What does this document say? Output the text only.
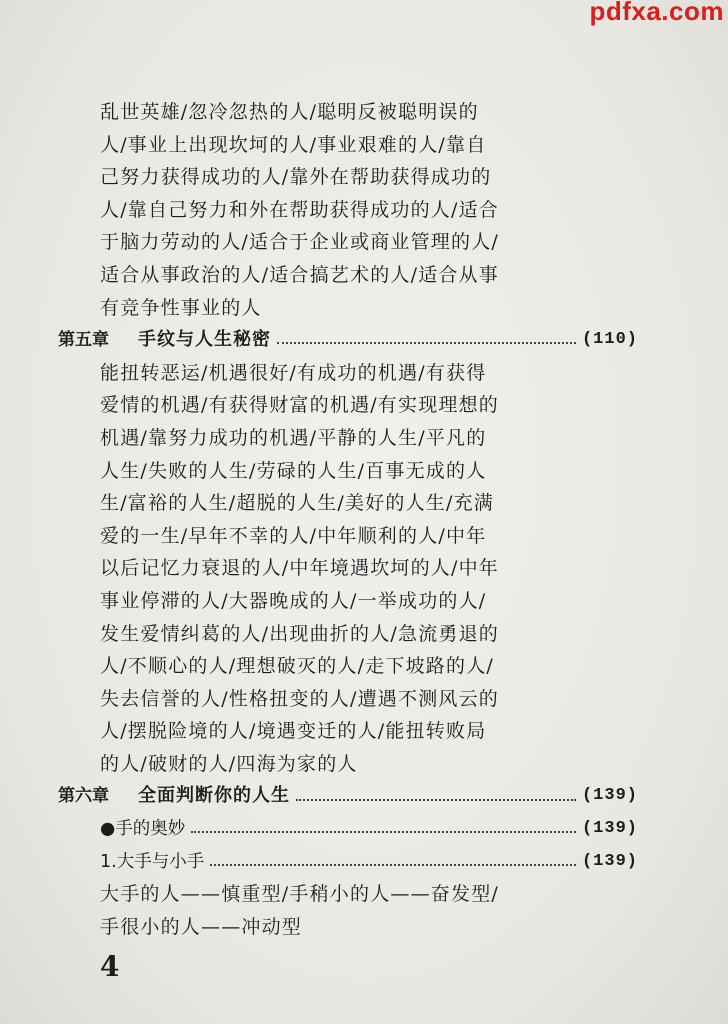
pdfxa.com
乱世英雄/忽冷忽热的人/聪明反被聪明误的
人/事业上出现坎坷的人/事业艰难的人/靠自
己努力获得成功的人/靠外在帮助获得成功的
人/靠自己努力和外在帮助获得成功的人/适合
于脑力劳动的人/适合于企业或商业管理的人/
适合从事政治的人/适合搞艺术的人/适合从事
有竞争性事业的人
第五章	手纹与人生秘密	(110)
能扭转恶运/机遇很好/有成功的机遇/有获得
爱情的机遇/有获得财富的机遇/有实现理想的
机遇/靠努力成功的机遇/平静的人生/平凡的
人生/失败的人生/劳碌的人生/百事无成的人
生/富裕的人生/超脱的人生/美好的人生/充满
爱的一生/早年不幸的人/中年顺利的人/中年
以后记忆力衰退的人/中年境遇坎坷的人/中年
事业停滞的人/大器晚成的人/一举成功的人/
发生爱情纠葛的人/出现曲折的人/急流勇退的
人/不顺心的人/理想破灭的人/走下坡路的人/
失去信誉的人/性格扭变的人/遭遇不测风云的
人/摆脱险境的人/境遇变迁的人/能扭转败局
的人/破财的人/四海为家的人
第六章	全面判断你的人生	(139)
●手的奥妙	(139)
1.大手与小手	(139)
大手的人——慎重型/手稍小的人——奋发型/
手很小的人——冲动型
4
